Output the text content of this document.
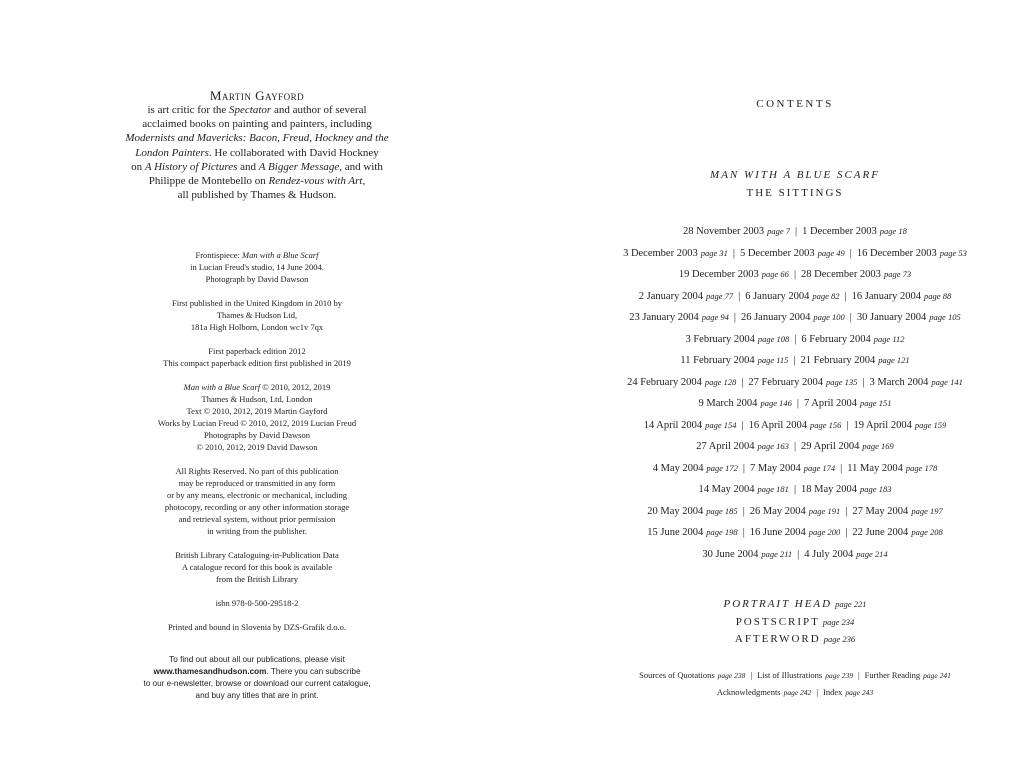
Martin Gayford

is art critic for the Spectator and author of several
acclaimed books on painting and painters, including
Modernists and Mavericks: Bacon, Freud, Hockney and the
London Painters. He collaborated with David Hockney
on A History of Pictures and A Bigger Message, and with
Philippe de Montebello on Rendez-vous with Art,
all published by Thames & Hudson.
Frontispiece: Man with a Blue Scarf
in Lucian Freud's studio, 14 June 2004.
Photograph by David Dawson
First published in the United Kingdom in 2010 by
Thames & Hudson Ltd,
181a High Holborn, London wc1v 7qx
First paperback edition 2012
This compact paperback edition first published in 2019
Man with a Blue Scarf © 2010, 2012, 2019
Thames & Hudson, Ltd, London
Text © 2010, 2012, 2019 Martin Gayford
Works by Lucian Freud © 2010, 2012, 2019 Lucian Freud
Photographs by David Dawson
© 2010, 2012, 2019 David Dawson
All Rights Reserved. No part of this publication
may be reproduced or transmitted in any form
or by any means, electronic or mechanical, including
photocopy, recording or any other information storage
and retrieval system, without prior permission
in writing from the publisher.
British Library Cataloguing-in-Publication Data
A catalogue record for this book is available
from the British Library
isbn 978-0-500-29518-2
Printed and bound in Slovenia by DZS-Grafik d.o.o.
To find out about all our publications, please visit
www.thamesandhudson.com. There you can subscribe
to our e-newsletter, browse or download our current catalogue,
and buy any titles that are in print.
CONTENTS
MAN WITH A BLUE SCARF
THE SITTINGS
28 November 2003 page 7 | 1 December 2003 page 18
3 December 2003 page 31 | 5 December 2003 page 49 | 16 December 2003 page 53
19 December 2003 page 66 | 28 December 2003 page 73
2 January 2004 page 77 | 6 January 2004 page 82 | 16 January 2004 page 88
23 January 2004 page 94 | 26 January 2004 page 100 | 30 January 2004 page 105
3 February 2004 page 108 | 6 February 2004 page 112
11 February 2004 page 115 | 21 February 2004 page 121
24 February 2004 page 128 | 27 February 2004 page 135 | 3 March 2004 page 141
9 March 2004 page 146 | 7 April 2004 page 151
14 April 2004 page 154 | 16 April 2004 page 156 | 19 April 2004 page 159
27 April 2004 page 163 | 29 April 2004 page 169
4 May 2004 page 172 | 7 May 2004 page 174 | 11 May 2004 page 178
14 May 2004 page 181 | 18 May 2004 page 183
20 May 2004 page 185 | 26 May 2004 page 191 | 27 May 2004 page 197
15 June 2004 page 198 | 16 June 2004 page 200 | 22 June 2004 page 208
30 June 2004 page 211 | 4 July 2004 page 214
PORTRAIT HEAD page 221
POSTSCRIPT page 234
AFTERWORD page 236
Sources of Quotations page 238 | List of Illustrations page 239 | Further Reading page 241
Acknowledgments page 242 | Index page 243
